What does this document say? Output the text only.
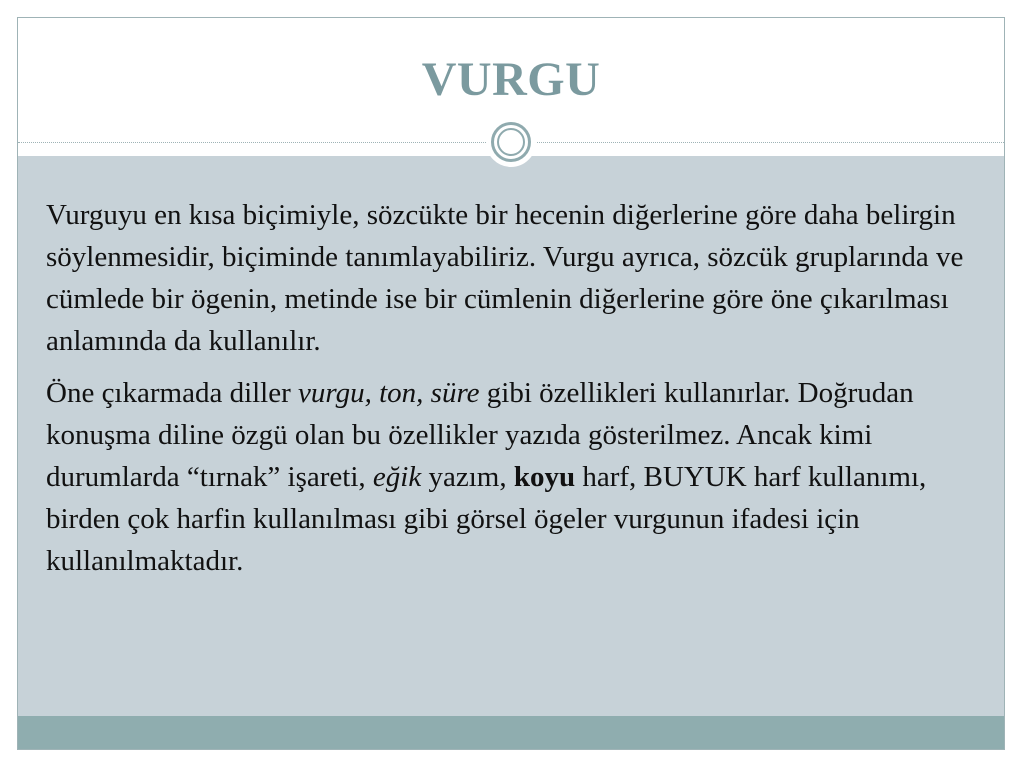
VURGU

Vurguyu en kısa biçimiyle, sözcükte bir hecenin diğerlerine göre daha belirgin söylenmesidir, biçiminde tanımlayabiliriz. Vurgu ayrıca, sözcük gruplarında ve cümlede bir ögenin, metinde ise bir cümlenin diğerlerine göre öne çıkarılması anlamında da kullanılır.

Öne çıkarmada diller vurgu, ton, süre gibi özellikleri kullanırlar. Doğrudan konuşma diline özgü olan bu özellikler yazıda gösterilmez. Ancak kimi durumlarda “tırnak” işareti, eğik yazım, koyu harf, BUYUK harf kullanımı, birden çok harfin kullanılması gibi görsel ögeler vurgunun ifadesi için kullanılmaktadır.
